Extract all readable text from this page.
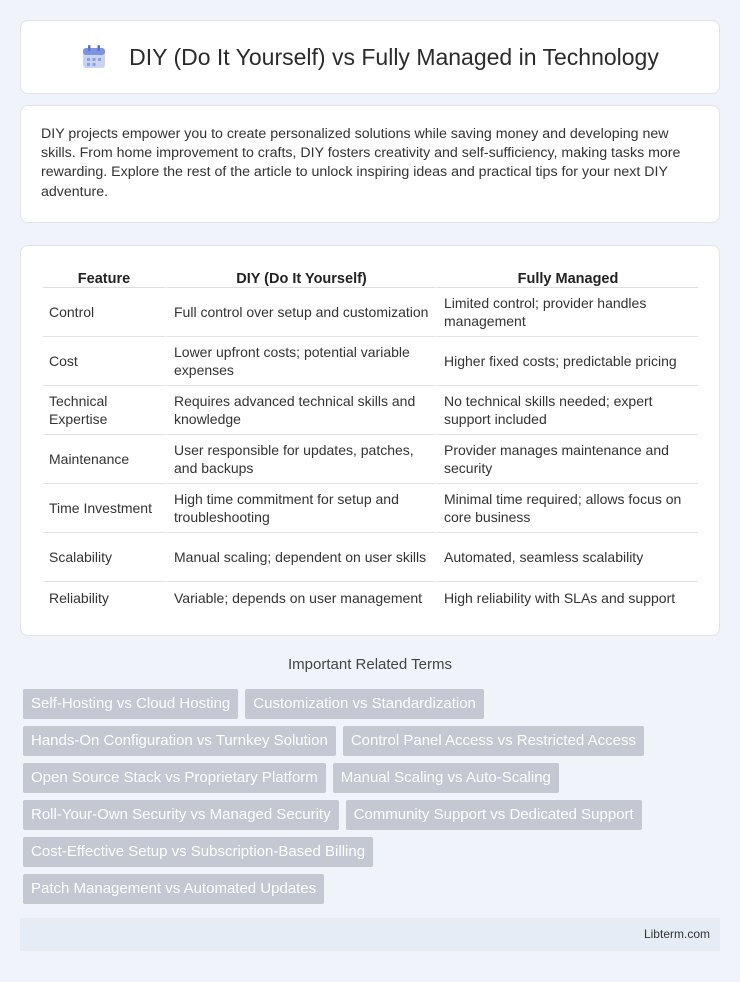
DIY (Do It Yourself) vs Fully Managed in Technology

DIY projects empower you to create personalized solutions while saving money and developing new skills. From home improvement to crafts, DIY fosters creativity and self-sufficiency, making tasks more rewarding. Explore the rest of the article to unlock inspiring ideas and practical tips for your next DIY adventure.

Feature	DIY (Do It Yourself)	Fully Managed
Control	Full control over setup and customization	Limited control; provider handles management
Cost	Lower upfront costs; potential variable expenses	Higher fixed costs; predictable pricing
Technical Expertise	Requires advanced technical skills and knowledge	No technical skills needed; expert support included
Maintenance	User responsible for updates, patches, and backups	Provider manages maintenance and security
Time Investment	High time commitment for setup and troubleshooting	Minimal time required; allows focus on core business
Scalability	Manual scaling; dependent on user skills	Automated, seamless scalability
Reliability	Variable; depends on user management	High reliability with SLAs and support
Important Related Terms
Self-Hosting vs Cloud Hosting	Customization vs Standardization
Hands-On Configuration vs Turnkey Solution	Control Panel Access vs Restricted Access
Open Source Stack vs Proprietary Platform	Manual Scaling vs Auto-Scaling
Roll-Your-Own Security vs Managed Security	Community Support vs Dedicated Support
Cost-Effective Setup vs Subscription-Based Billing
Patch Management vs Automated Updates
Libterm.com
